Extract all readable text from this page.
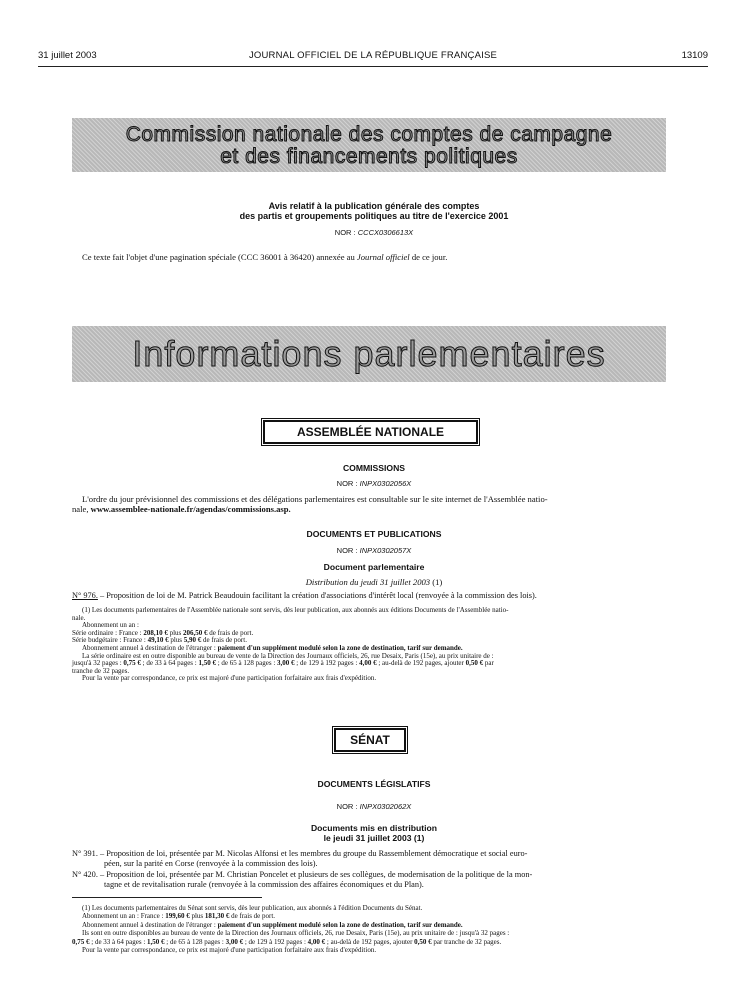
31 juillet 2003	JOURNAL OFFICIEL DE LA RÉPUBLIQUE FRANÇAISE	13109
Commission nationale des comptes de campagne
et des financements politiques
Avis relatif à la publication générale des comptes
des partis et groupements politiques au titre de l'exercice 2001
NOR : CCCX0306613X
Ce texte fait l'objet d'une pagination spéciale (CCC 36001 à 36420) annexée au Journal officiel de ce jour.
Informations parlementaires
ASSEMBLÉE NATIONALE
COMMISSIONS
NOR : INPX0302056X
L'ordre du jour prévisionnel des commissions et des délégations parlementaires est consultable sur le site internet de l'Assemblée natio-
nale, www.assemblee-nationale.fr/agendas/commissions.asp.
DOCUMENTS ET PUBLICATIONS
NOR : INPX0302057X
Document parlementaire
Distribution du jeudi 31 juillet 2003 (1)
N° 976. – Proposition de loi de M. Patrick Beaudouin facilitant la création d'associations d'intérêt local (renvoyée à la commission des lois).
(1) Les documents parlementaires de l'Assemblée nationale sont servis, dès leur publication, aux abonnés aux éditions Documents de l'Assemblée natio-
nale.
Abonnement un an :
Série ordinaire : France : 208,10 € plus 206,50 € de frais de port.
Série budgétaire : France : 49,10 € plus 5,90 € de frais de port.
Abonnement annuel à destination de l'étranger : paiement d'un supplément modulé selon la zone de destination, tarif sur demande.
La série ordinaire est en outre disponible au bureau de vente de la Direction des Journaux officiels, 26, rue Desaix, Paris (15e), au prix unitaire de :
jusqu'à 32 pages : 0,75 € ; de 33 à 64 pages : 1,50 € ; de 65 à 128 pages : 3,00 € ; de 129 à 192 pages : 4,00 € ; au-delà de 192 pages, ajouter 0,50 € par
tranche de 32 pages.
Pour la vente par correspondance, ce prix est majoré d'une participation forfaitaire aux frais d'expédition.
SÉNAT
DOCUMENTS LÉGISLATIFS
NOR : INPX0302062X
Documents mis en distribution
le jeudi 31 juillet 2003 (1)
N° 391. – Proposition de loi, présentée par M. Nicolas Alfonsi et les membres du groupe du Rassemblement démocratique et social euro-
péen, sur la parité en Corse (renvoyée à la commission des lois).
N° 420. – Proposition de loi, présentée par M. Christian Poncelet et plusieurs de ses collègues, de modernisation de la politique de la mon-
tagne et de revitalisation rurale (renvoyée à la commission des affaires économiques et du Plan).
(1) Les documents parlementaires du Sénat sont servis, dès leur publication, aux abonnés à l'édition Documents du Sénat.
Abonnement un an : France : 199,60 € plus 181,30 € de frais de port.
Abonnement annuel à destination de l'étranger : paiement d'un supplément modulé selon la zone de destination, tarif sur demande.
Ils sont en outre disponibles au bureau de vente de la Direction des Journaux officiels, 26, rue Desaix, Paris (15e), au prix unitaire de : jusqu'à 32 pages :
0,75 € ; de 33 à 64 pages : 1,50 € ; de 65 à 128 pages : 3,00 € ; de 129 à 192 pages : 4,00 € ; au-delà de 192 pages, ajouter 0,50 € par tranche de 32 pages.
Pour la vente par correspondance, ce prix est majoré d'une participation forfaitaire aux frais d'expédition.
